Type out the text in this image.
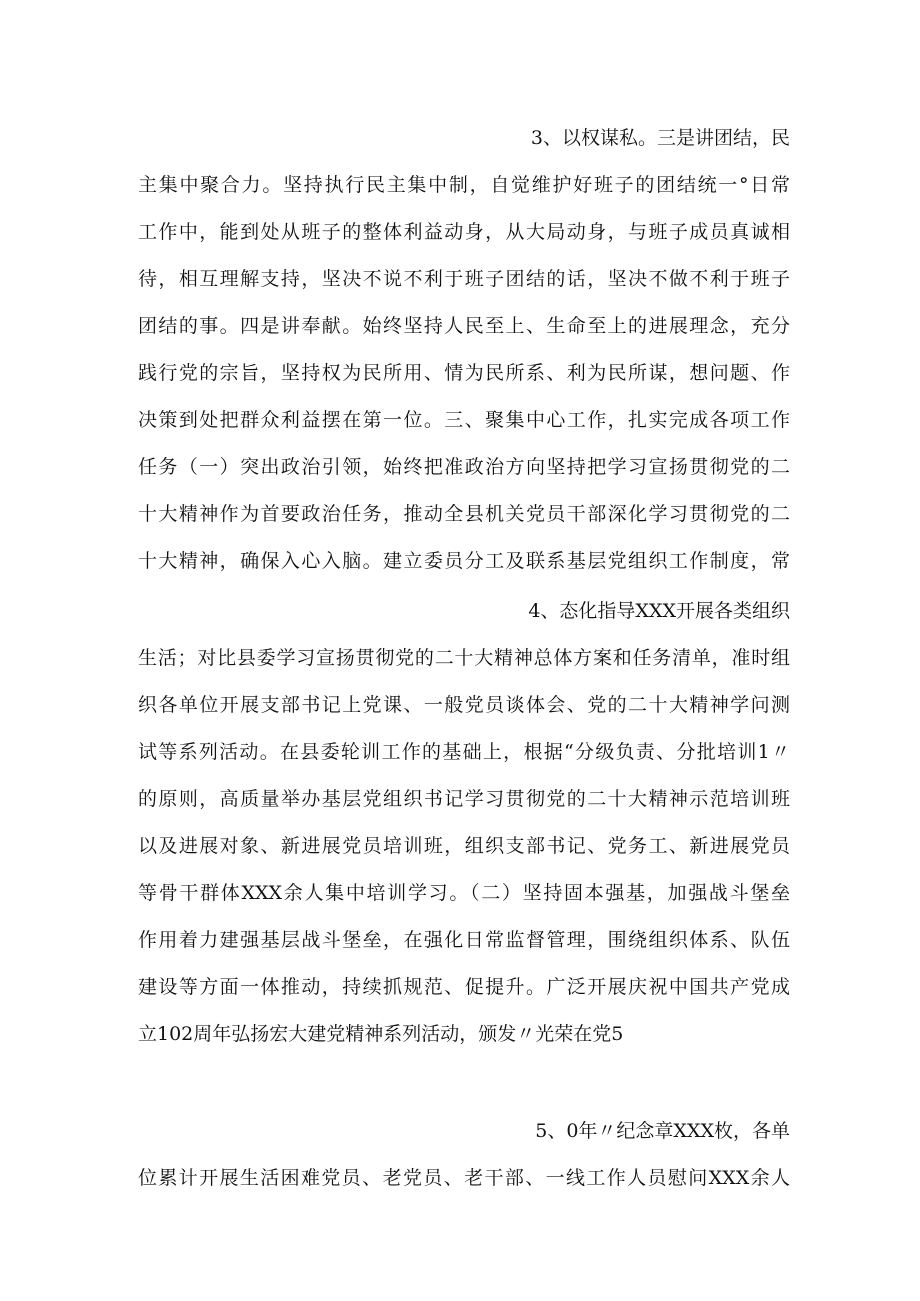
3、以权谋私。三是讲团结，民
主集中聚合力。坚持执行民主集中制，自觉维护好班子的团结统一°日常
工作中，能到处从班子的整体利益动身，从大局动身，与班子成员真诚相
待，相互理解支持，坚决不说不利于班子团结的话，坚决不做不利于班子
团结的事。四是讲奉献。始终坚持人民至上、生命至上的进展理念，充分
践行党的宗旨，坚持权为民所用、情为民所系、利为民所谋，想问题、作
决策到处把群众利益摆在第一位。三、聚集中心工作，扎实完成各项工作
任务（一）突出政治引领，始终把准政治方向坚持把学习宣扬贯彻党的二
十大精神作为首要政治任务，推动全县机关党员干部深化学习贯彻党的二
十大精神，确保入心入脑。建立委员分工及联系基层党组织工作制度，常
4、态化指导XXX开展各类组织
生活；对比县委学习宣扬贯彻党的二十大精神总体方案和任务清单，准时组
织各单位开展支部书记上党课、一般党员谈体会、党的二十大精神学问测
试等系列活动。在县委轮训工作的基础上，根据“分级负责、分批培训1〃
的原则，高质量举办基层党组织书记学习贯彻党的二十大精神示范培训班
以及进展对象、新进展党员培训班，组织支部书记、党务工、新进展党员
等骨干群体XXX余人集中培训学习。（二）坚持固本强基，加强战斗堡垒
作用着力建强基层战斗堡垒，在强化日常监督管理，围绕组织体系、队伍
建设等方面一体推动，持续抓规范、促提升。广泛开展庆祝中国共产党成
立102周年弘扬宏大建党精神系列活动，颁发〃光荣在党5
5、0年〃纪念章XXX枚，各单
位累计开展生活困难党员、老党员、老干部、一线工作人员慰问XXX余人
